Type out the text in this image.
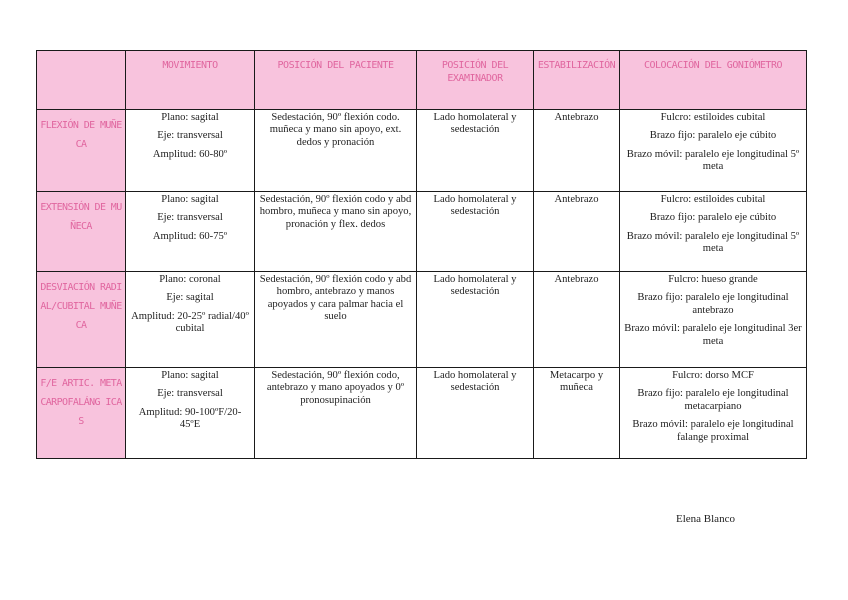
	MOVIMIENTO	POSICIÓN DEL PACIENTE	POSICIÓN DEL EXAMINADOR	ESTABILIZACIÓN	COLOCACIÓN DEL GONIÓMETRO
FLEXIÓN DE MUÑECA	Plano: sagital
Eje: transversal
Amplitud: 60-80º	Sedestación, 90º flexión codo. muñeca y mano sin apoyo, ext. dedos y pronación	Lado homolateral y sedestación	Antebrazo	Fulcro: estiloides cubital
Brazo fijo: paralelo eje cúbito
Brazo móvil: paralelo eje longitudinal 5º meta

EXTENSIÓN DE MUÑECA	Plano: sagital
Eje: transversal
Amplitud: 60-75º	Sedestación, 90º flexión codo y abd hombro, muñeca y mano sin apoyo, pronación y flex. dedos	Lado homolateral y sedestación	Antebrazo	Fulcro: estiloides cubital
Brazo fijo: paralelo eje cúbito
Brazo móvil: paralelo eje longitudinal 5º meta

DESVIACIÓN RADIAL/CUBITAL MUÑECA	Plano: coronal
Eje: sagital
Amplitud: 20-25º radial/40º cubital	Sedestación, 90º flexión codo y abd hombro, antebrazo y manos apoyados y cara palmar hacia el suelo	Lado homolateral y sedestación	Antebrazo	Fulcro: hueso grande
Brazo fijo: paralelo eje longitudinal antebrazo
Brazo móvil: paralelo eje longitudinal 3er meta

F/E ARTIC. METACARPOFALÁNG ICAS	Plano: sagital
Eje: transversal
Amplitud: 90-100ºF/20-45ºE	Sedestación, 90º flexión codo, antebrazo y mano apoyados y 0º pronosupinación	Lado homolateral y sedestación	Metacarpo y muñeca	Fulcro: dorso MCF
Brazo fijo: paralelo eje longitudinal metacarpiano
Brazo móvil: paralelo eje longitudinal falange proximal
Elena Blanco
